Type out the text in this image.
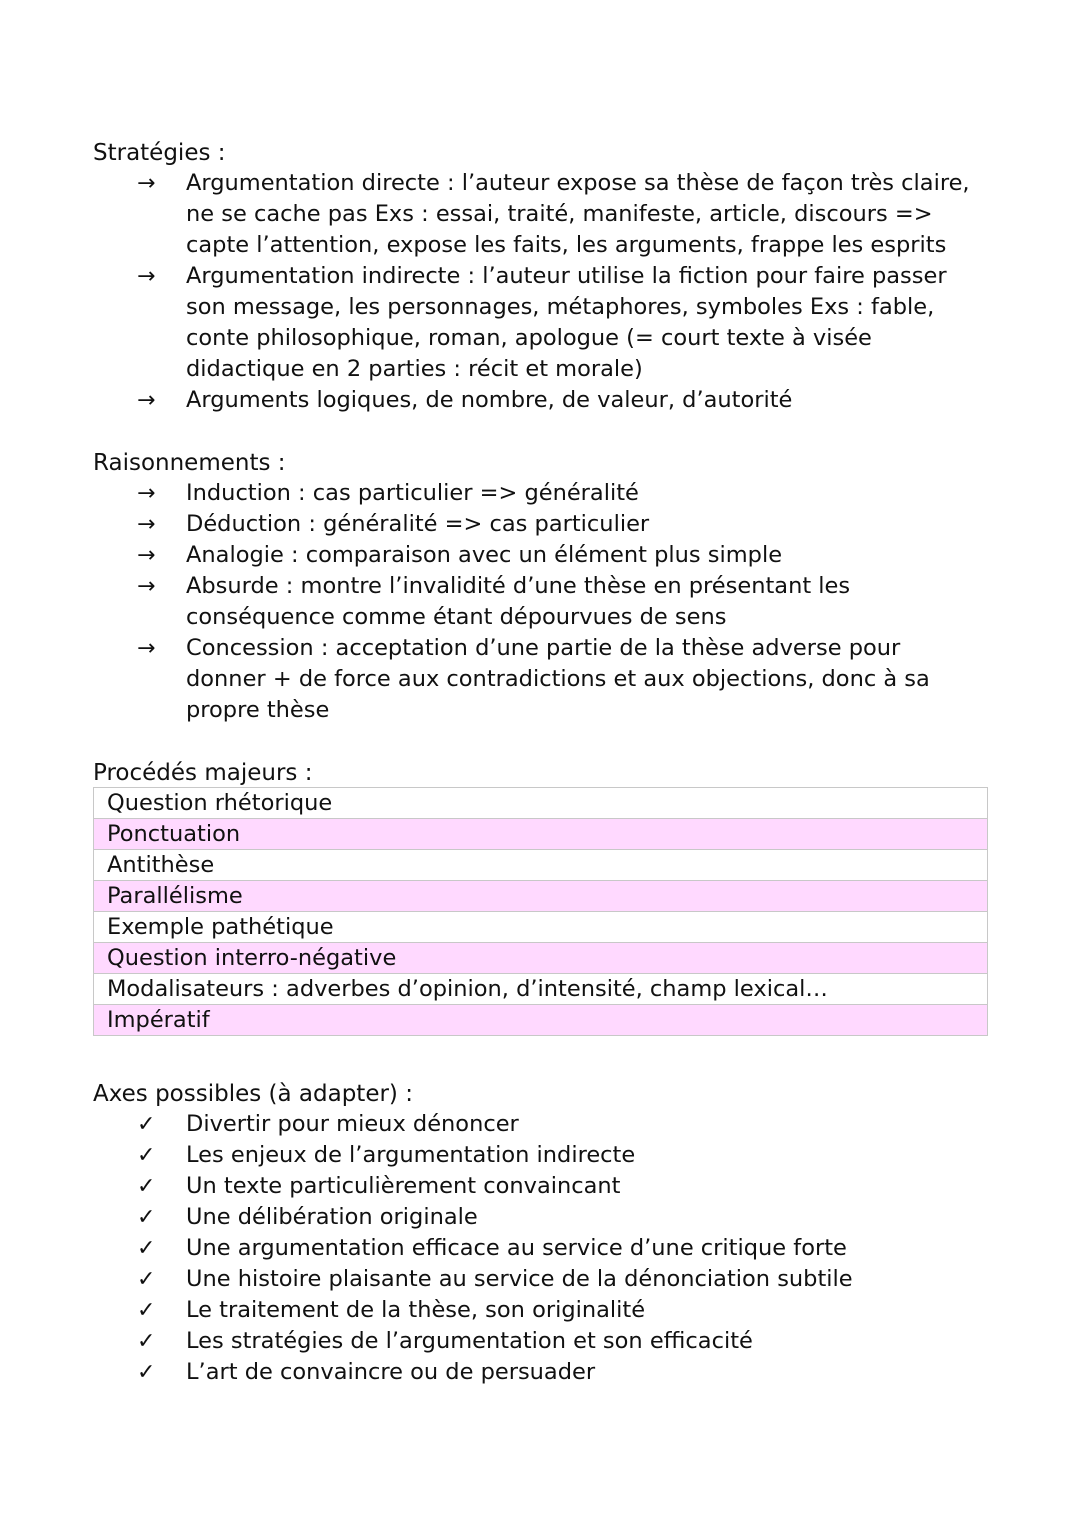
Stratégies :
→	Argumentation directe : l’auteur expose sa thèse de façon très claire,
ne se cache pas Exs : essai, traité, manifeste, article, discours =>
capte l’attention, expose les faits, les arguments, frappe les esprits
→	Argumentation indirecte : l’auteur utilise la fiction pour faire passer
son message, les personnages, métaphores, symboles Exs : fable,
conte philosophique, roman, apologue (= court texte à visée
didactique en 2 parties : récit et morale)
→	Arguments logiques, de nombre, de valeur, d’autorité
Raisonnements :
→	Induction : cas particulier => généralité
→	Déduction : généralité => cas particulier
→	Analogie : comparaison avec un élément plus simple
→	Absurde : montre l’invalidité d’une thèse en présentant les
conséquence comme étant dépourvues de sens
→	Concession : acceptation d’une partie de la thèse adverse pour
donner + de force aux contradictions et aux objections, donc à sa
propre thèse
Procédés majeurs :
Question rhétorique
Ponctuation
Antithèse
Parallélisme
Exemple pathétique
Question interro-négative
Modalisateurs : adverbes d’opinion, d’intensité, champ lexical…
Impératif
Axes possibles (à adapter) :
✓	Divertir pour mieux dénoncer
✓	Les enjeux de l’argumentation indirecte
✓	Un texte particulièrement convaincant
✓	Une délibération originale
✓	Une argumentation efficace au service d’une critique forte
✓	Une histoire plaisante au service de la dénonciation subtile
✓	Le traitement de la thèse, son originalité
✓	Les stratégies de l’argumentation et son efficacité
✓	L’art de convaincre ou de persuader
